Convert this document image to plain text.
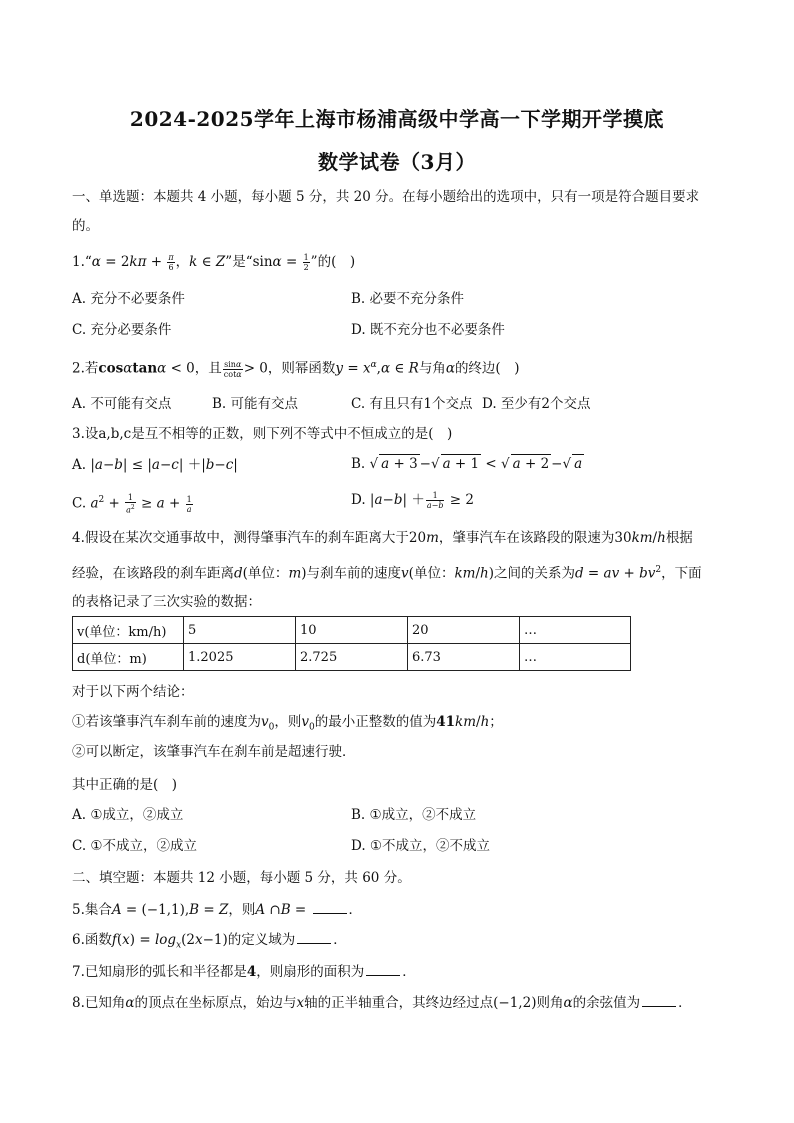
2024-2025学年上海市杨浦高级中学高一下学期开学摸底
数学试卷（3月）
一、单选题：本题共 4 小题，每小题 5 分，共 20 分。在每小题给出的选项中，只有一项是符合题目要求
的。
1.“α = $2k\pi + \frac{\pi}{6}$ ，k ∈ Z”是“$\sin\alpha = \frac{1}{2}$ ”的(　)
A. 充分不必要条件	B. 必要不充分条件
C. 充分必要条件	D. 既不充分也不必要条件
2.若cosαtanα < 0，且 $\frac{\sin\alpha}{\cot\alpha} > 0$，则幂函数$y = x^\alpha,\alpha$ ∈ R与角α的终边(　)
A. 不可能有交点	B. 可能有交点	C. 有且只有1个交点 D. 至少有2个交点
3.设a,b,c是互不相等的正数，则下列不等式中不恒成立的是(　)
A. |a−b| ≤ |a−c| ＋|b−c|	B. √ a + 3 −√ a + 1 < √ a + 2 −√ a
C. $a^2 + \frac{1}{a^2} \ge a + \frac{1}{a}$	D. $|a-b| + \frac{1}{a-b} \ge 2$
4.假设在某次交通事故中，测得肇事汽车的刹车距离大于20m，肇事汽车在该路段的限速为30km/h根据
经验，在该路段的刹车距离d(单位：m)与刹车前的速度v(单位：km/h)之间的关系为d = av + $bv^2$，下面
的表格记录了三次实验的数据：
v(单位：km/h)	5	10	20	…
d(单位：m)	1.2025	2.725	6.73	…
对于以下两个结论：
①若该肇事汽车刹车前的速度为$v_0$，则$v_0$的最小正整数的值为41km/h；
②可以断定，该肇事汽车在刹车前是超速行驶．
其中正确的是(　)
A. ①成立，②成立	B. ①成立，②不成立
C. ①不成立，②成立	D. ①不成立，②不成立
二、填空题：本题共 12 小题，每小题 5 分，共 60 分。
5.集合A = (−1,1),B = Z，则A ∩B =	．
6.函数$f(x) = \log_x(2x-1)$的定义域为	．
7.已知扇形的弧长和半径都是4，则扇形的面积为	．
8.已知角α的顶点在坐标原点，始边与x轴的正半轴重合，其终边经过点(−1,2)则角α的余弦值为	．
